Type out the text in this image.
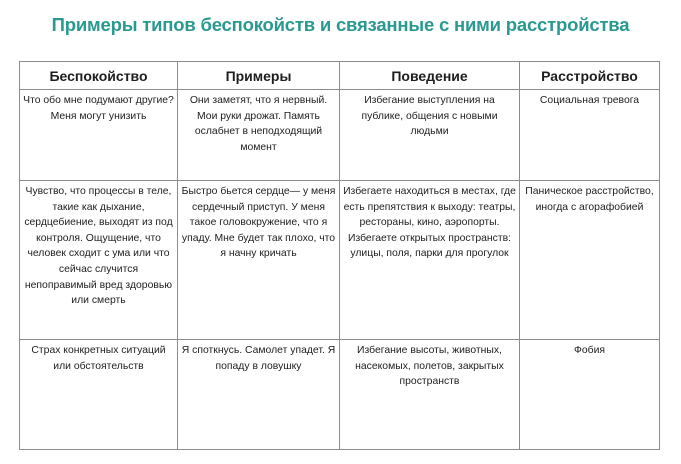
Примеры типов беспокойств и связанные с ними расстройства
Беспокойство	Примеры	Поведение	Расстройство
Что обо мне подумают другие? Меня могут унизить	Они заметят, что я нервный. Мои руки дрожат. Память ослабнет в неподходящий момент	Избегание выступления на публике, общения с новыми людьми	Социальная тревога
Чувство, что процессы в теле, такие как дыхание, сердцебиение, выходят из под контроля. Ощущение, что человек сходит с ума или что сейчас случится непоправимый вред здоровью или смерть	Быстро бьется сердце— у меня сердечный приступ. У меня такое головокружение, что я упаду. Мне будет так плохо, что я начну кричать	Избегаете находиться в местах, где есть препятствия к выходу: театры, рестораны, кино, аэропорты. Избегаете открытых пространств: улицы, поля, парки для прогулок	Паническое расстройство, иногда с агорафобией
Страх конкретных ситуаций или обстоятельств	Я споткнусь. Самолет упадет. Я попаду в ловушку	Избегание высоты, животных, насекомых, полетов, закрытых пространств	Фобия
